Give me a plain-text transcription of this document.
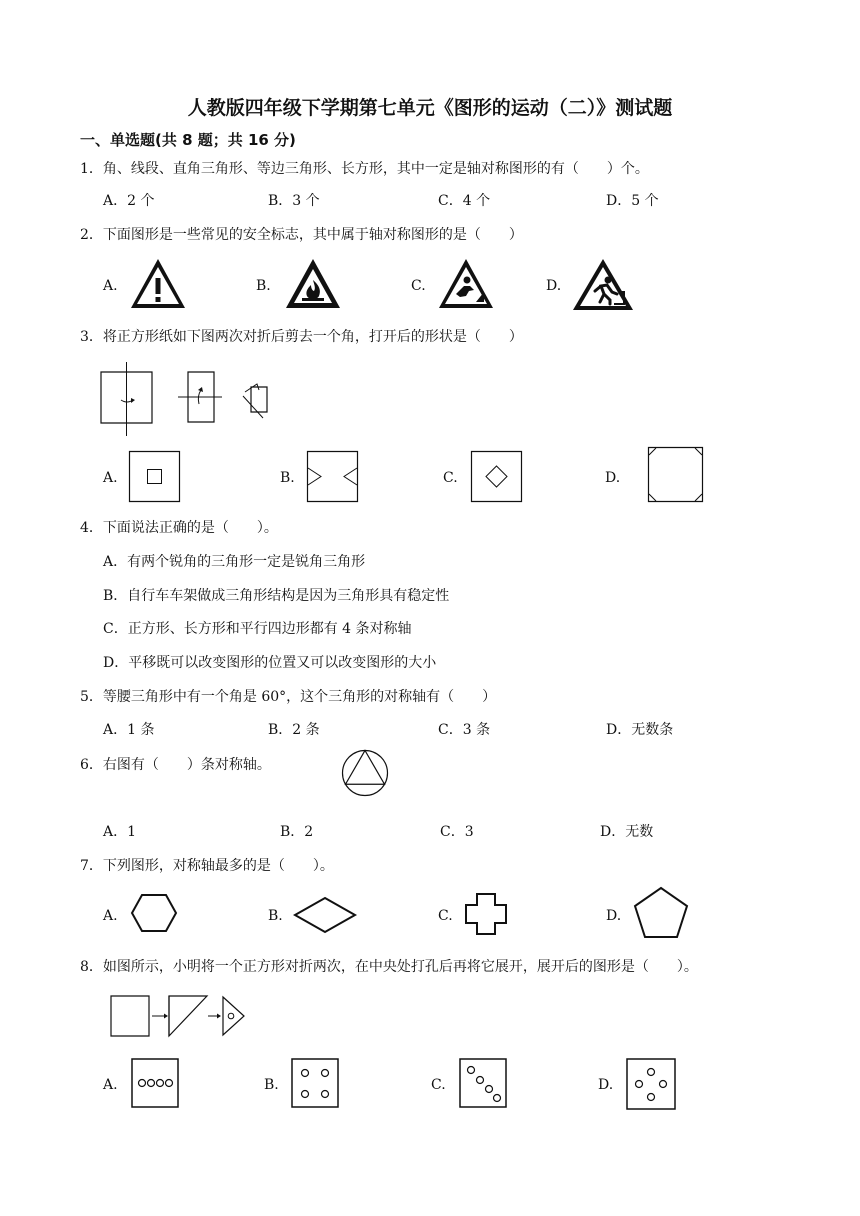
人教版四年级下学期第七单元《图形的运动（二）》测试题
一、单选题(共 8 题；共 16 分)
1．角、线段、直角三角形、等边三角形、长方形，其中一定是轴对称图形的有（　　）个。
A．2 个	B．3 个	C．4 个	D．5 个
2．下面图形是一些常见的安全标志，其中属于轴对称图形的是（　　）
A.	B.	C.	D.
3．将正方形纸如下图两次对折后剪去一个角，打开后的形状是（　　）
A.	B.	C.	D.
4．下面说法正确的是（　　）。
A．有两个锐角的三角形一定是锐角三角形
B．自行车车架做成三角形结构是因为三角形具有稳定性
C．正方形、长方形和平行四边形都有 4 条对称轴
D．平移既可以改变图形的位置又可以改变图形的大小
5．等腰三角形中有一个角是 60°，这个三角形的对称轴有（　　）
A．1 条	B．2 条	C．3 条	D．无数条
6．右图有（　　）条对称轴。
A．1	B．2	C．3	D．无数
7．下列图形，对称轴最多的是（　　）。
A.	B.	C.	D.
8．如图所示，小明将一个正方形对折两次，在中央处打孔后再将它展开，展开后的图形是（　　）。
A.	B.	C.	D.
